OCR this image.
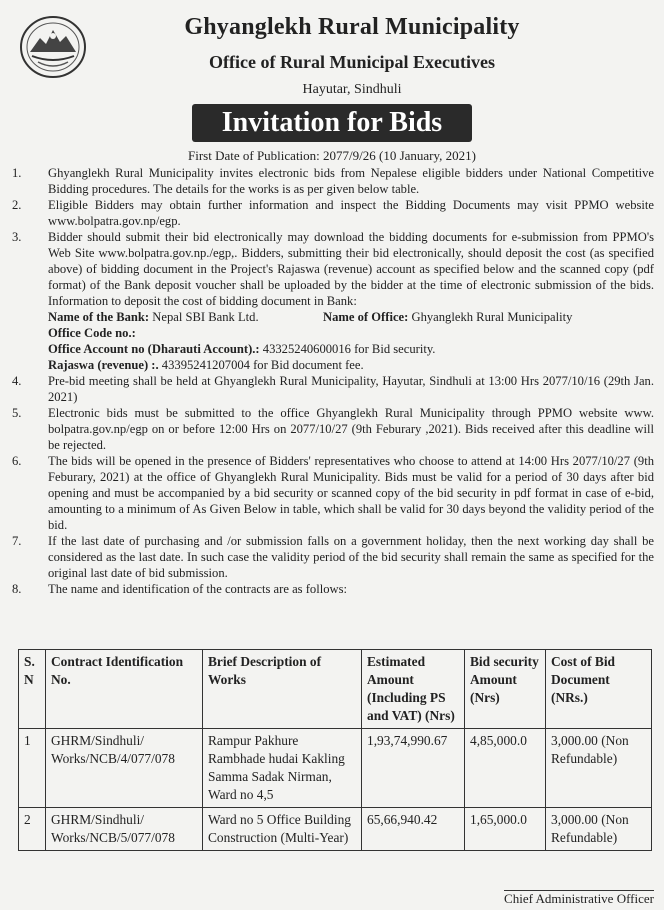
Ghyanglekh Rural Municipality
Office of Rural Municipal Executives
Hayutar, Sindhuli
Invitation for Bids
First Date of Publication: 2077/9/26 (10 January, 2021)
1.	Ghyanglekh Rural Municipality invites electronic bids from Nepalese eligible bidders under National Competitive Bidding procedures. The details for the works is as per given below table.
2.	Eligible Bidders may obtain further information and inspect the Bidding Documents may visit PPMO website www.bolpatra.gov.np/egp.
3.	Bidder should submit their bid electronically may download the bidding documents for e-submission from PPMO's Web Site www.bolpatra.gov.np./egp,. Bidders, submitting their bid electronically, should deposit the cost (as specified above) of bidding document in the Project's Rajaswa (revenue) account as specified below and the scanned copy (pdf format) of the Bank deposit voucher shall be uploaded by the bidder at the time of electronic submission of the bids. Information to deposit the cost of bidding document in Bank:
Name of the Bank: Nepal SBI Bank Ltd.	Name of Office: Ghyanglekh Rural Municipality
Office Code no.:
Office Account no (Dharauti Account).: 43325240600016 for Bid security.
Rajaswa (revenue) :. 43395241207004 for Bid document fee.
4.	Pre-bid meeting shall be held at Ghyanglekh Rural Municipality, Hayutar, Sindhuli at 13:00 Hrs 2077/10/16 (29th Jan. 2021)
5.	Electronic bids must be submitted to the office Ghyanglekh Rural Municipality through PPMO website www. bolpatra.gov.np/egp on or before 12:00 Hrs on 2077/10/27 (9th Feburary ,2021). Bids received after this deadline will be rejected.
6.	The bids will be opened in the presence of Bidders' representatives who choose to attend at 14:00 Hrs 2077/10/27 (9th Feburary, 2021) at the office of Ghyanglekh Rural Municipality. Bids must be valid for a period of 30 days after bid opening and must be accompanied by a bid security or scanned copy of the bid security in pdf format in case of e-bid, amounting to a minimum of As Given Below in table, which shall be valid for 30 days beyond the validity period of the bid.
7.	If the last date of purchasing and /or submission falls on a government holiday, then the next working day shall be considered as the last date. In such case the validity period of the bid security shall remain the same as specified for the original last date of bid submission.
8.	The name and identification of the contracts are as follows:
S. N	Contract Identification No.	Brief Description of Works	Estimated Amount (Including PS and VAT) (Nrs)	Bid security Amount (Nrs)	Cost of Bid Document (NRs.)
1	GHRM/Sindhuli/ Works/NCB/4/077/078	Rampur Pakhure Rambhade hudai Kakling Samma Sadak Nirman, Ward no 4,5	1,93,74,990.67	4,85,000.0	3,000.00 (Non Refundable)
2	GHRM/Sindhuli/ Works/NCB/5/077/078	Ward no 5 Office Building Construction (Multi-Year)	65,66,940.42	1,65,000.0	3,000.00 (Non Refundable)
Chief Administrative Officer
